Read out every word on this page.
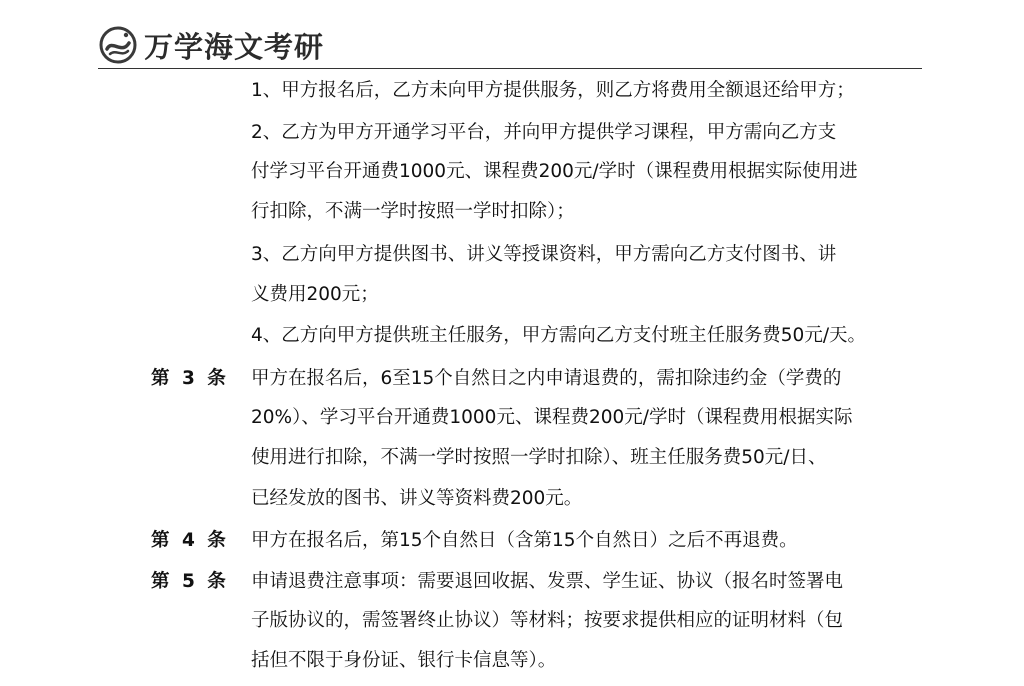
万学海文考研
1、甲方报名后，乙方未向甲方提供服务，则乙方将费用全额退还给甲方；
2、乙方为甲方开通学习平台，并向甲方提供学习课程，甲方需向乙方支
付学习平台开通费1000元、课程费200元/学时（课程费用根据实际使用进
行扣除，不满一学时按照一学时扣除）；
3、乙方向甲方提供图书、讲义等授课资料，甲方需向乙方支付图书、讲
义费用200元；
4、乙方向甲方提供班主任服务，甲方需向乙方支付班主任服务费50元/天。
第 3 条 甲方在报名后，6至15个自然日之内申请退费的，需扣除违约金（学费的
20%）、学习平台开通费1000元、课程费200元/学时（课程费用根据实际
使用进行扣除，不满一学时按照一学时扣除）、班主任服务费50元/日、
已经发放的图书、讲义等资料费200元。
第 4 条 甲方在报名后，第15个自然日（含第15个自然日）之后不再退费。
第 5 条 申请退费注意事项：需要退回收据、发票、学生证、协议（报名时签署电
子版协议的，需签署终止协议）等材料；按要求提供相应的证明材料（包
括但不限于身份证、银行卡信息等）。
